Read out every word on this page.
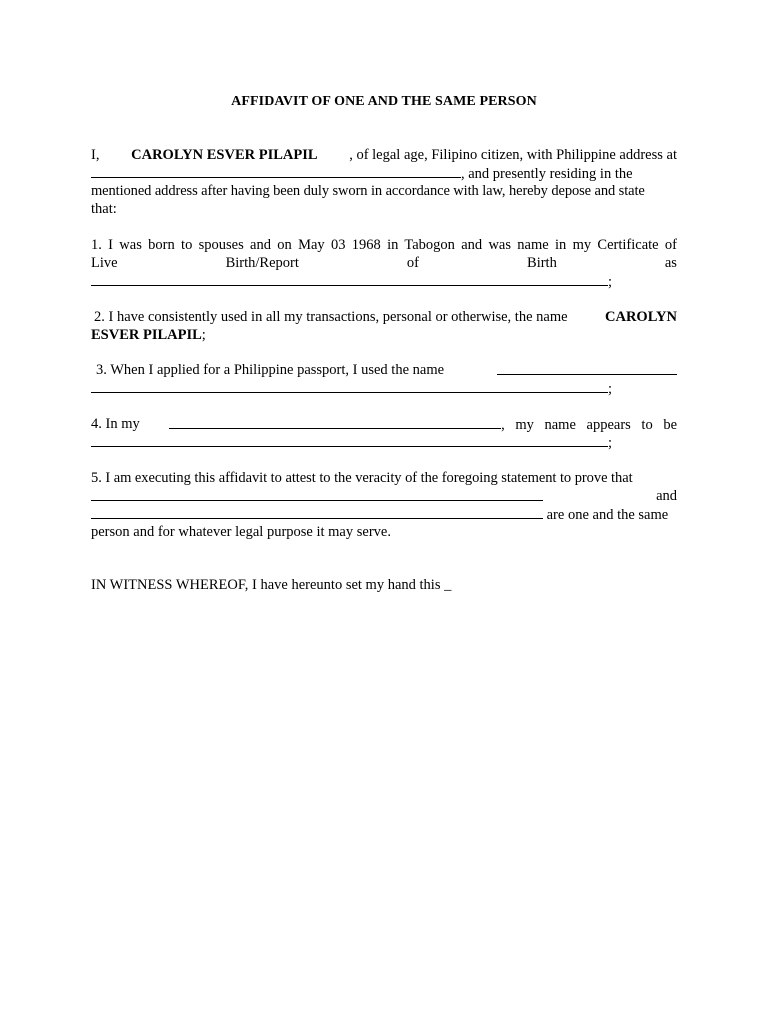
AFFIDAVIT OF ONE AND THE SAME PERSON
I, CAROLYN ESVER PILAPIL , of legal age, Filipino citizen, with Philippine address at
, and presently residing in the
mentioned address after having been duly sworn in accordance with law, hereby depose and state
that:
1. I was born to spouses and on May 03 1968 in Tabogon and was name in my Certificate of
Live	Birth/Report	of	Birth	as
;
2. I have consistently used in all my transactions, personal or otherwise, the name	CAROLYN
ESVER PILAPIL;
3. When I applied for a Philippine passport, I used the name
;
4. In my	, my name appears to be
;
5. I am executing this affidavit to attest to the veracity of the foregoing statement to prove that
and
are one and the same
person and for whatever legal purpose it may serve.
IN WITNESS WHEREOF, I have hereunto set my hand this _
